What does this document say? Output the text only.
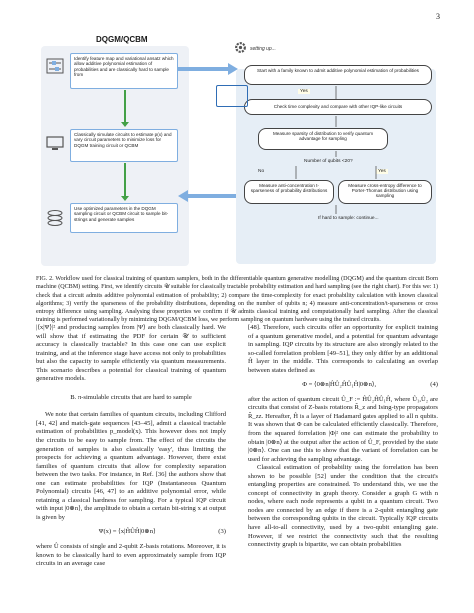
3
DQGM/QCBM
Identify feature map and variational ansatz which allow additive polynomial estimation of probabilities and are classically hard to sample from
Classically simulate circuits to estimate p(x) and vary circuit parameters to minimize loss for DQGM training circuit or QCBM
Use optimized parameters in the DQGM sampling circuit or QCBM circuit to sample bit-strings and generate samples
setting up...
Start with a family known to admit additive polynomial estimation of probabilities
Yes
Check time complexity and compare with other IQP-like circuits
Measure sparsity of distribution to verify quantum advantage for sampling
Number of qubits <20?
No	Yes
Measure anti-concentration t-sparseness of probability distributions
Measure cross-entropy difference to Porter-Thomas distribution using sampling
If hard to sample: continue...
FIG. 2. Workflow used for classical training of quantum samplers, both in the differentiable quantum generative modelling (DQGM) and the quantum circuit Born machine (QCBM) setting. First, we identify circuits 𝒰 suitable for classically tractable probability estimation and hard sampling (see the right chart). For this we: 1) check that a circuit admits additive polynomial estimation of probability; 2) compare the time-complexity for exact probability calculation with known classical algorithms; 3) verify the sparseness of the probability distributions, depending on the number of qubits n; 4) measure anti-concentration/t-sparseness or cross entropy difference using sampling. Analysing these properties we confirm if 𝒰 admits classical training and computationally hard sampling. After the classical training is performed variationally by minimizing DQGM/QCBM loss, we perform sampling on quantum hardware using the trained circuits.

|⟨x|Ψ⟩|² and producing samples from |Ψ⟩ are both classically hard. We will show that if estimating the PDF for certain 𝒰 to sufficient accuracy is classically tractable? In this case one can use explicit training, and at the inference stage have access not only to probabilities but also the capacity to sample efficiently via quantum measurements. This scenario describes a potential for classical training of quantum generative models.

B. π-simulable circuits that are hard to sample

We note that certain families of quantum circuits, including Clifford [41, 42] and match-gate sequences [43–45], admit a classical tractable estimation of probabilities p_model(x). This however does not imply the circuits to be easy to sample from. The effect of the circuits the generation of samples is also classically 'easy', thus limiting the prospects for achieving a quantum advantage. However, there exist families of quantum circuits that allow for complexity separation between the two tasks. For instance, in Ref. [36] the authors show that one can estimate probabilities for IQP (Instantaneous Quantum Polynomial) circuits [46, 47] to an additive polynomial error, while retaining a classical hardness for sampling. For a typical IQP circuit with input |0⊗n⟩, the amplitude to obtain a certain bit-string x at output is given by

Ψ(x) = ⟨x|ĤÛĤ|0⊗n⟩	(3)

where Û consists of single and 2-qubit Z-basis rotations. Moreover, it is known to be classically hard to even approximately sample from IQP circuits in an average case

[48]. Therefore, such circuits offer an opportunity for explicit training of a quantum generative model, and a potential for quantum advantage in sampling. IQP circuits by its structure are also strongly related to the so-called forrelation problem [49–51], they only differ by an additional Ĥ layer in the middle. This corresponds to calculating an overlap between states defined as

Φ = ⟨0⊗n|ĤÛ₂ĤÛ₁Ĥ|0⊗n⟩,	(4)

after the action of quantum circuit Û_F := ĤÛ₂ĤÛ₁Ĥ, where Û₁,Û₂ are circuits that consist of Z-basis rotations R̂_z and Ising-type propagators R̂_zz. Hereafter, Ĥ is a layer of Hadamard gates applied to all n qubits. It was shown that Φ can be calculated efficiently classically. Therefore, from the squared forrelation |Φ|² one can estimate the probability to obtain |0⊗n⟩ at the output after the action of Û_F, provided by the state |0⊗n⟩. One can use this to show that the variant of forrelation can be used for achieving the sampling advantage.

Classical estimation of probability using the forrelation has been shown to be possible [52] under the condition that the circuit's entangling properties are constrained. To understand this, we use the concept of connectivity in graph theory. Consider a graph G with n nodes, where each node represents a qubit in a quantum circuit. Two nodes are connected by an edge if there is a 2-qubit entangling gate between the corresponding qubits in the circuit. Typically IQP circuits have all-to-all connectivity, used by a two-qubit entangling gate. However, if we restrict the connectivity such that the resulting connectivity graph is bipartite, we can obtain probabilities
